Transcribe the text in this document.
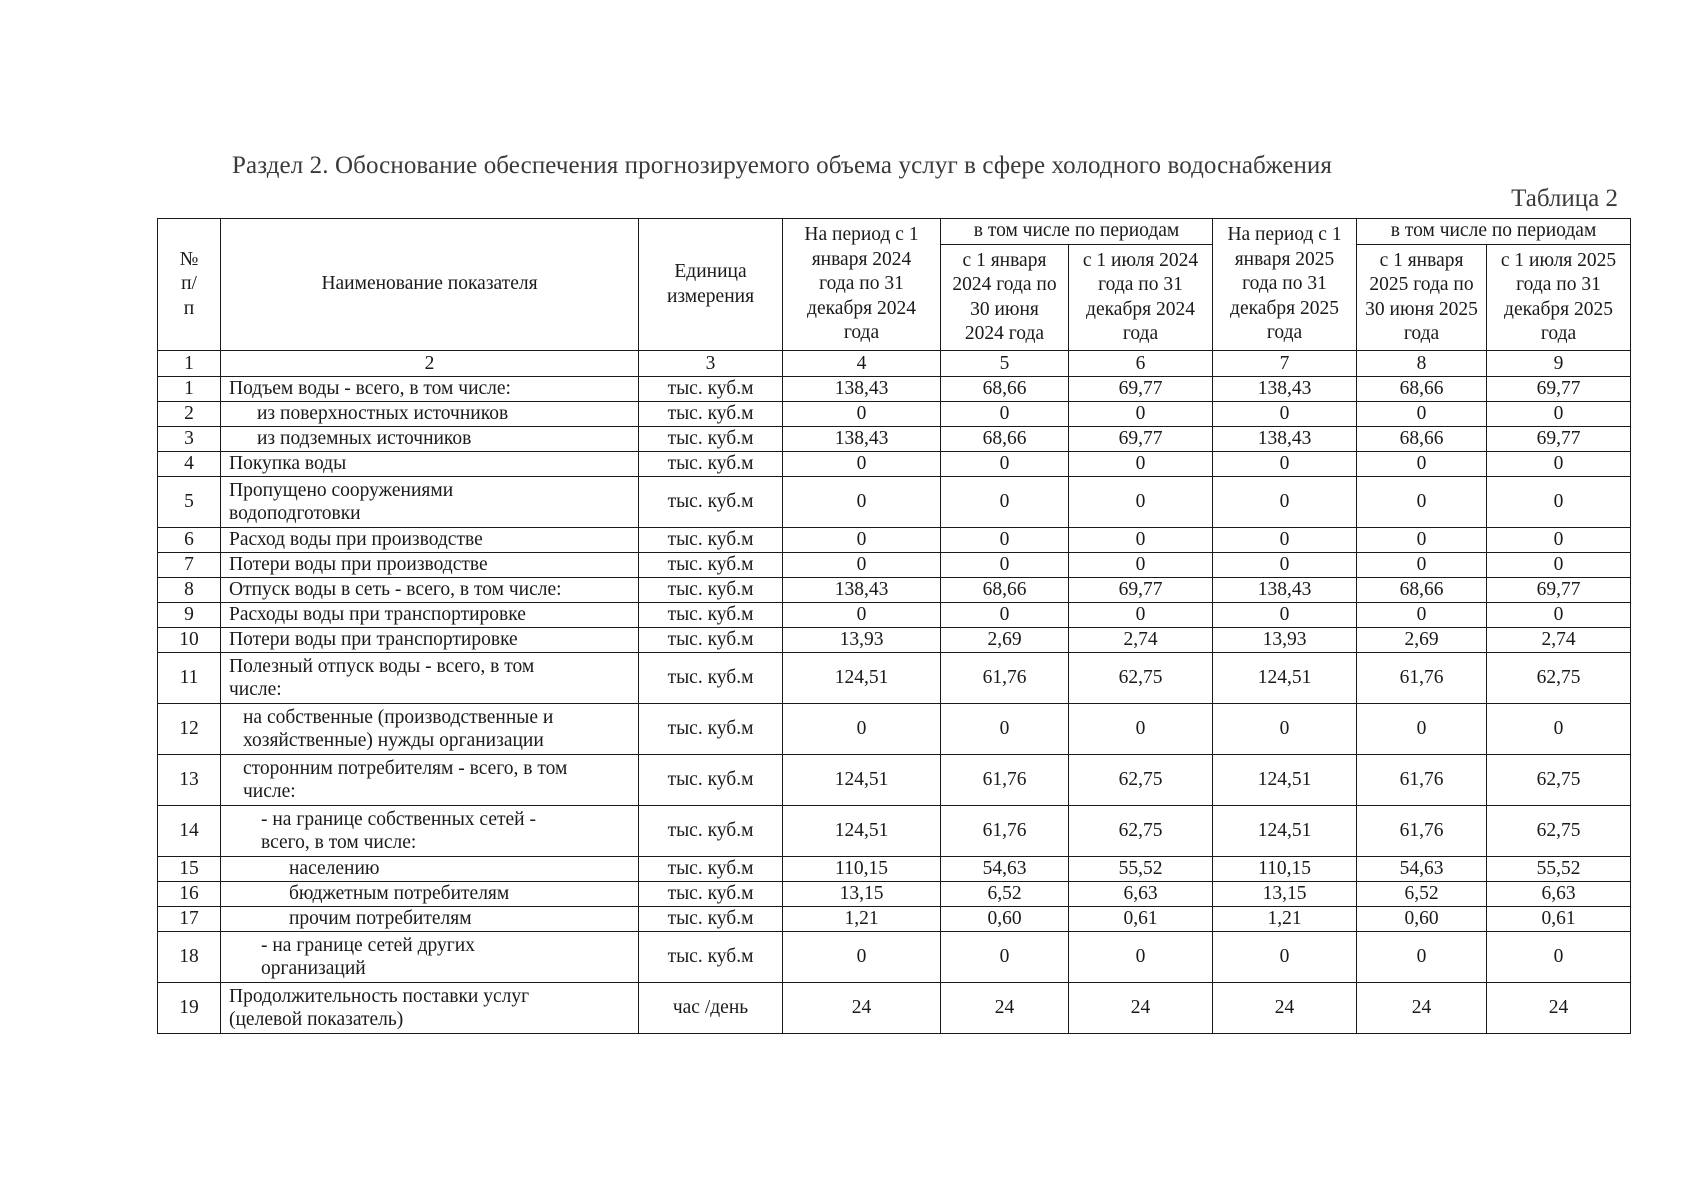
Раздел 2. Обоснование обеспечения прогнозируемого объема услуг в сфере холодного водоснабжения
Таблица 2
№ п/п	Наименование показателя	Единица измерения	На период с 1 января 2024 года по 31 декабря 2024 года	в том числе по периодам		На период с 1 января 2025 года по 31 декабря 2025 года	в том числе по периодам	
				с 1 января 2024 года по 30 июня 2024 года	с 1 июля 2024 года по 31 декабря 2024 года		с 1 января 2025 года по 30 июня 2025 года	с 1 июля 2025 года по 31 декабря 2025 года
1	2	3	4	5	6	7	8	9
1	Подъем воды - всего, в том числе:	тыс. куб.м	138,43	68,66	69,77	138,43	68,66	69,77
2	из поверхностных источников	тыс. куб.м	0	0	0	0	0	0
3	из подземных источников	тыс. куб.м	138,43	68,66	69,77	138,43	68,66	69,77
4	Покупка воды	тыс. куб.м	0	0	0	0	0	0
5	Пропущено сооружениями водоподготовки	тыс. куб.м	0	0	0	0	0	0
6	Расход воды при производстве	тыс. куб.м	0	0	0	0	0	0
7	Потери воды при производстве	тыс. куб.м	0	0	0	0	0	0
8	Отпуск воды в сеть - всего, в том числе:	тыс. куб.м	138,43	68,66	69,77	138,43	68,66	69,77
9	Расходы воды при транспортировке	тыс. куб.м	0	0	0	0	0	0
10	Потери воды при транспортировке	тыс. куб.м	13,93	2,69	2,74	13,93	2,69	2,74
11	Полезный отпуск воды - всего, в том числе:	тыс. куб.м	124,51	61,76	62,75	124,51	61,76	62,75
12	на собственные (производственные и хозяйственные) нужды организации	тыс. куб.м	0	0	0	0	0	0
13	сторонним потребителям - всего, в том числе:	тыс. куб.м	124,51	61,76	62,75	124,51	61,76	62,75
14	- на границе собственных сетей - всего, в том числе:	тыс. куб.м	124,51	61,76	62,75	124,51	61,76	62,75
15	населению	тыс. куб.м	110,15	54,63	55,52	110,15	54,63	55,52
16	бюджетным потребителям	тыс. куб.м	13,15	6,52	6,63	13,15	6,52	6,63
17	прочим потребителям	тыс. куб.м	1,21	0,60	0,61	1,21	0,60	0,61
18	- на границе сетей других организаций	тыс. куб.м	0	0	0	0	0	0
19	Продолжительность поставки услуг (целевой показатель)	час /день	24	24	24	24	24	24
